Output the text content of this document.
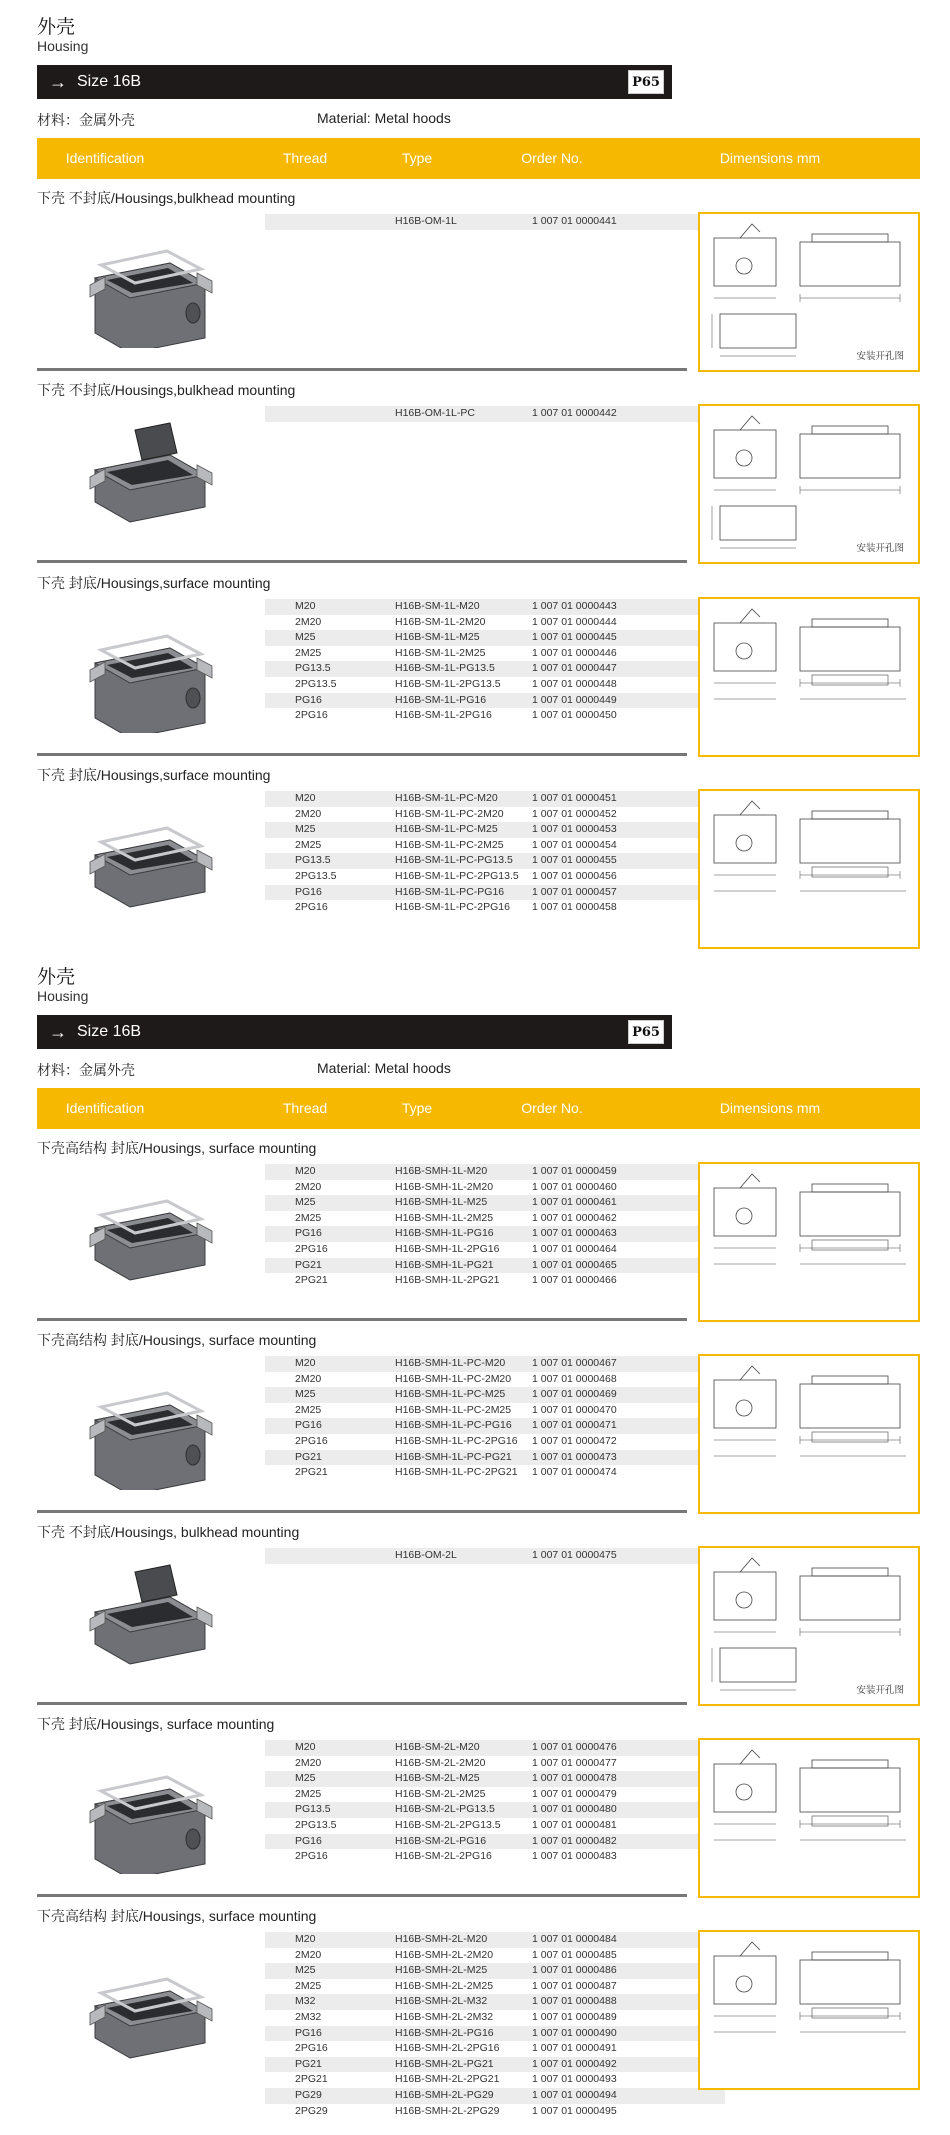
外壳
Housing
→ Size 16B	P65
材料：金属外壳	Material: Metal hoods
Identification	Thread	Type	Order No.	Dimensions mm
下壳 不封底/Housings,bulkhead mounting
H16B-OM-1L	1 007 01 0000441
安装开孔图
下壳 不封底/Housings,bulkhead mounting
H16B-OM-1L-PC	1 007 01 0000442
安装开孔图
下壳 封底/Housings,surface mounting
M20	H16B-SM-1L-M20	1 007 01 0000443
2M20	H16B-SM-1L-2M20	1 007 01 0000444
M25	H16B-SM-1L-M25	1 007 01 0000445
2M25	H16B-SM-1L-2M25	1 007 01 0000446
PG13.5	H16B-SM-1L-PG13.5	1 007 01 0000447
2PG13.5	H16B-SM-1L-2PG13.5	1 007 01 0000448
PG16	H16B-SM-1L-PG16	1 007 01 0000449
2PG16	H16B-SM-1L-2PG16	1 007 01 0000450
下壳 封底/Housings,surface mounting
M20	H16B-SM-1L-PC-M20	1 007 01 0000451
2M20	H16B-SM-1L-PC-2M20	1 007 01 0000452
M25	H16B-SM-1L-PC-M25	1 007 01 0000453
2M25	H16B-SM-1L-PC-2M25	1 007 01 0000454
PG13.5	H16B-SM-1L-PC-PG13.5 1 007 01 0000455
2PG13.5	H16B-SM-1L-PC-2PG13.5 1 007 01 0000456
PG16	H16B-SM-1L-PC-PG16	1 007 01 0000457
2PG16	H16B-SM-1L-PC-2PG16 1 007 01 0000458
外壳
Housing
→ Size 16B	P65
材料：金属外壳	Material: Metal hoods
Identification	Thread	Type	Order No.	Dimensions mm
下壳高结构 封底/Housings, surface mounting
M20	H16B-SMH-1L-M20	1 007 01 0000459
2M20	H16B-SMH-1L-2M20	1 007 01 0000460
M25	H16B-SMH-1L-M25	1 007 01 0000461
2M25	H16B-SMH-1L-2M25	1 007 01 0000462
PG16	H16B-SMH-1L-PG16	1 007 01 0000463
2PG16	H16B-SMH-1L-2PG16	1 007 01 0000464
PG21	H16B-SMH-1L-PG21	1 007 01 0000465
2PG21	H16B-SMH-1L-2PG21	1 007 01 0000466
下壳高结构 封底/Housings, surface mounting
M20	H16B-SMH-1L-PC-M20	1 007 01 0000467
2M20	H16B-SMH-1L-PC-2M20 1 007 01 0000468
M25	H16B-SMH-1L-PC-M25	1 007 01 0000469
2M25	H16B-SMH-1L-PC-2M25 1 007 01 0000470
PG16	H16B-SMH-1L-PC-PG16 1 007 01 0000471
2PG16	H16B-SMH-1L-PC-2PG16 1 007 01 0000472
PG21	H16B-SMH-1L-PC-PG21 1 007 01 0000473
2PG21	H16B-SMH-1L-PC-2PG21 1 007 01 0000474
下壳 不封底/Housings, bulkhead mounting
H16B-OM-2L	1 007 01 0000475
安装开孔图
下壳 封底/Housings, surface mounting
M20	H16B-SM-2L-M20	1 007 01 0000476
2M20	H16B-SM-2L-2M20	1 007 01 0000477
M25	H16B-SM-2L-M25	1 007 01 0000478
2M25	H16B-SM-2L-2M25	1 007 01 0000479
PG13.5	H16B-SM-2L-PG13.5	1 007 01 0000480
2PG13.5	H16B-SM-2L-2PG13.5	1 007 01 0000481
PG16	H16B-SM-2L-PG16	1 007 01 0000482
2PG16	H16B-SM-2L-2PG16	1 007 01 0000483
下壳高结构 封底/Housings, surface mounting
M20	H16B-SMH-2L-M20	1 007 01 0000484
2M20	H16B-SMH-2L-2M20	1 007 01 0000485
M25	H16B-SMH-2L-M25	1 007 01 0000486
2M25	H16B-SMH-2L-2M25	1 007 01 0000487
M32	H16B-SMH-2L-M32	1 007 01 0000488
2M32	H16B-SMH-2L-2M32	1 007 01 0000489
PG16	H16B-SMH-2L-PG16	1 007 01 0000490
2PG16	H16B-SMH-2L-2PG16	1 007 01 0000491
PG21	H16B-SMH-2L-PG21	1 007 01 0000492
2PG21	H16B-SMH-2L-2PG21	1 007 01 0000493
PG29	H16B-SMH-2L-PG29	1 007 01 0000494
2PG29	H16B-SMH-2L-2PG29	1 007 01 0000495
